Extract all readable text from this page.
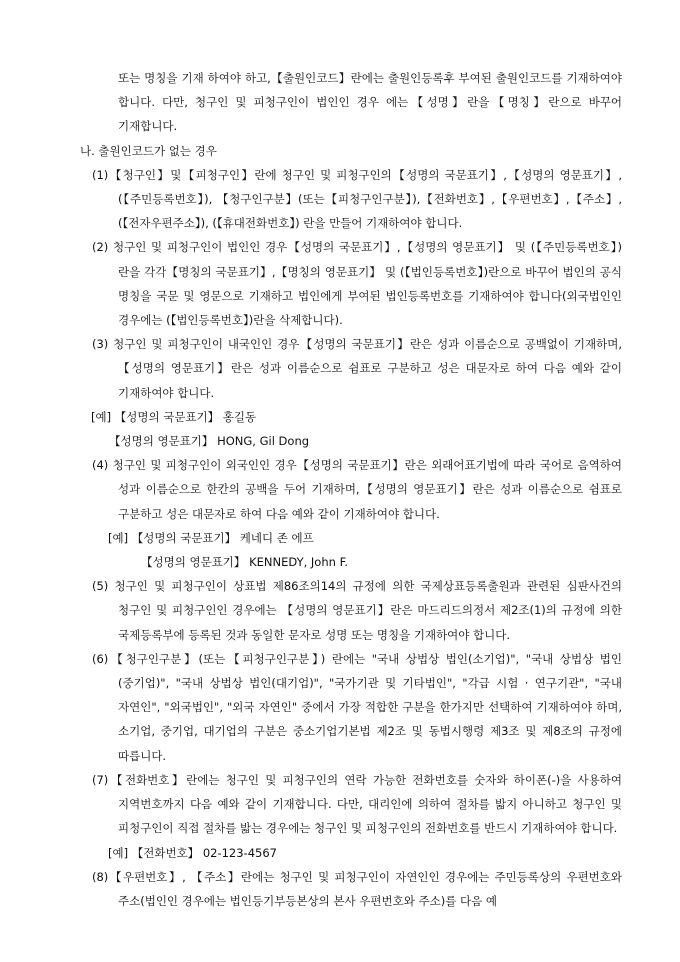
또는 명칭을 기재 하여야 하고,【출원인코드】란에는 출원인등록후 부여된 출원인코드를 기재하여야 합니다. 다만, 청구인 및 피청구인이 법인인 경우 에는【성명】란을【명칭】란으로 바꾸어 기재합니다.

나. 출원인코드가 없는 경우

(1)【청구인】및【피청구인】란에 청구인 및 피청구인의【성명의 국문표기】,【성명의 영문표기】, (【주민등록번호】), 【청구인구분】(또는【피청구인구분】),【전화번호】,【우편번호】,【주소】, (【전자우편주소】), (【휴대전화번호】) 란을 만들어 기재하여야 합니다.

(2) 청구인 및 피청구인이 법인인 경우【성명의 국문표기】,【성명의 영문표기】 및 (【주민등록번호】)란을 각각【명칭의 국문표기】,【명칭의 영문표기】 및 (【법인등록번호】)란으로 바꾸어 법인의 공식 명칭을 국문 및 영문으로 기재하고 법인에게 부여된 법인등록번호를 기재하여야 합니다(외국법인인 경우에는 (【법인등록번호】)란을 삭제합니다).

(3) 청구인 및 피청구인이 내국인인 경우【성명의 국문표기】란은 성과 이름순으로 공백없이 기재하며,【성명의 영문표기】란은 성과 이름순으로 쉼표로 구분하고 성은 대문자로 하여 다음 예와 같이 기재하여야 합니다.

[예] 【성명의 국문표기】 홍길동

【성명의 영문표기】 HONG, Gil Dong

(4) 청구인 및 피청구인이 외국인인 경우【성명의 국문표기】란은 외래어표기법에 따라 국어로 음역하여 성과 이름순으로 한칸의 공백을 두어 기재하며,【성명의 영문표기】란은 성과 이름순으로 쉼표로 구분하고 성은 대문자로 하여 다음 예와 같이 기재하여야 합니다.

[예] 【성명의 국문표기】 케네디 존 에프

【성명의 영문표기】 KENNEDY, John F.

(5) 청구인 및 피청구인이 상표법 제86조의14의 규정에 의한 국제상표등록출원과 관련된 심판사건의 청구인 및 피청구인인 경우에는 【성명의 영문표기】란은 마드리드의정서 제2조(1)의 규정에 의한 국제등록부에 등록된 것과 동일한 문자로 성명 또는 명칭을 기재하여야 합니다.

(6)【청구인구분】(또는【피청구인구분】) 란에는 "국내 상법상 법인(소기업)", "국내 상법상 법인(중기업)", "국내 상법상 법인(대기업)", "국가기관 및 기타법인", "각급 시험 · 연구기관", "국내 자연인", "외국법인", "외국 자연인" 중에서 가장 적합한 구분을 한가지만 선택하여 기재하여야 하며, 소기업, 중기업, 대기업의 구분은 중소기업기본법 제2조 및 동법시행령 제3조 및 제8조의 규정에 따릅니다.

(7)【전화번호】란에는 청구인 및 피청구인의 연락 가능한 전화번호를 숫자와 하이폰(-)을 사용하여 지역번호까지 다음 예와 같이 기재합니다. 다만, 대리인에 의하여 절차를 밟지 아니하고 청구인 및 피청구인이 직접 절차를 밟는 경우에는 청구인 및 피청구인의 전화번호를 반드시 기재하여야 합니다.

[예] 【전화번호】 02-123-4567

(8)【우편번호】, 【주소】란에는 청구인 및 피청구인이 자연인인 경우에는 주민등록상의 우편번호와 주소(법인인 경우에는 법인등기부등본상의 본사 우편번호와 주소)를 다음 예
